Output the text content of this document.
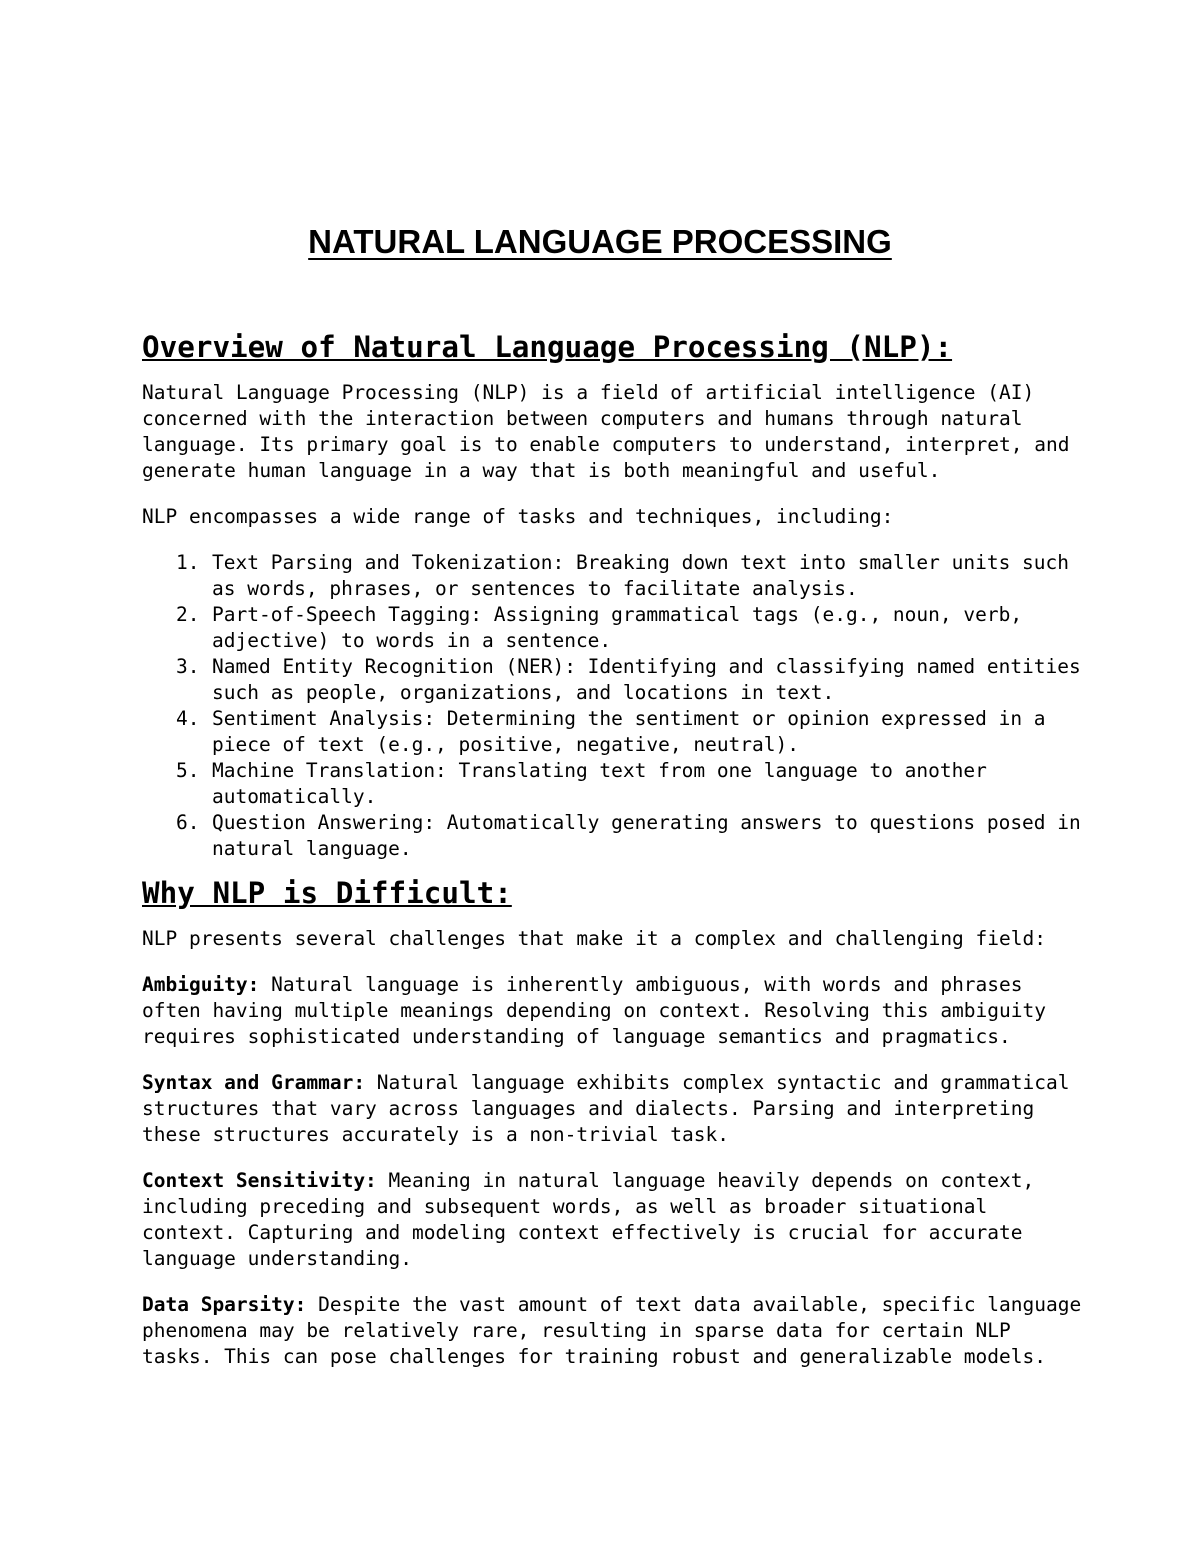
NATURAL LANGUAGE PROCESSING
Overview of Natural Language Processing (NLP):

Natural Language Processing (NLP) is a field of artificial intelligence (AI) concerned with the interaction between computers and humans through natural language. Its primary goal is to enable computers to understand, interpret, and generate human language in a way that is both meaningful and useful.

NLP encompasses a wide range of tasks and techniques, including:

1. Text Parsing and Tokenization: Breaking down text into smaller units such as words, phrases, or sentences to facilitate analysis.
2. Part-of-Speech Tagging: Assigning grammatical tags (e.g., noun, verb, adjective) to words in a sentence.
3. Named Entity Recognition (NER): Identifying and classifying named entities such as people, organizations, and locations in text.
4. Sentiment Analysis: Determining the sentiment or opinion expressed in a piece of text (e.g., positive, negative, neutral).
5. Machine Translation: Translating text from one language to another automatically.
6. Question Answering: Automatically generating answers to questions posed in natural language.
Why NLP is Difficult:

NLP presents several challenges that make it a complex and challenging field:

Ambiguity: Natural language is inherently ambiguous, with words and phrases often having multiple meanings depending on context. Resolving this ambiguity requires sophisticated understanding of language semantics and pragmatics.

Syntax and Grammar: Natural language exhibits complex syntactic and grammatical structures that vary across languages and dialects. Parsing and interpreting these structures accurately is a non-trivial task.

Context Sensitivity: Meaning in natural language heavily depends on context, including preceding and subsequent words, as well as broader situational context. Capturing and modeling context effectively is crucial for accurate language understanding.

Data Sparsity: Despite the vast amount of text data available, specific language phenomena may be relatively rare, resulting in sparse data for certain NLP tasks. This can pose challenges for training robust and generalizable models.
